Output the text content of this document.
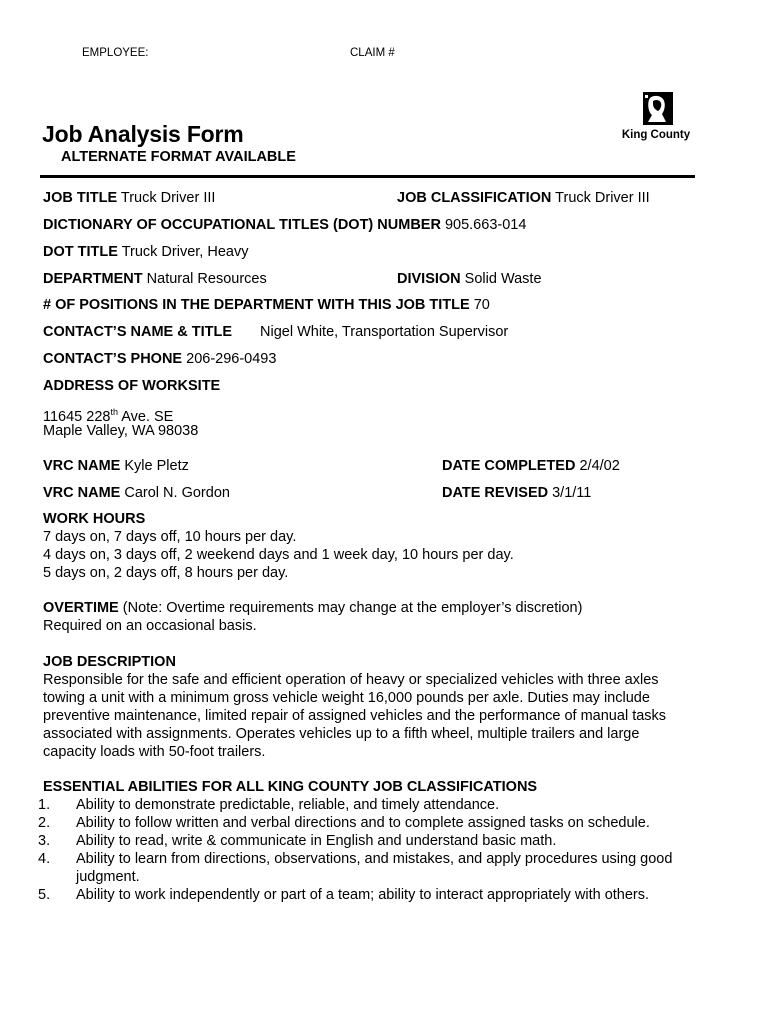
EMPLOYEE:	CLAIM #
King County
Job Analysis Form
ALTERNATE FORMAT AVAILABLE
JOB TITLE Truck Driver III	JOB CLASSIFICATION Truck Driver III
DICTIONARY OF OCCUPATIONAL TITLES (DOT) NUMBER 905.663-014
DOT TITLE Truck Driver, Heavy
DEPARTMENT Natural Resources	DIVISION Solid Waste
# OF POSITIONS IN THE DEPARTMENT WITH THIS JOB TITLE 70
CONTACT’S NAME & TITLE Nigel White, Transportation Supervisor
CONTACT’S PHONE 206-296-0493
ADDRESS OF WORKSITE
11645 228th Ave. SE
Maple Valley, WA 98038
VRC NAME Kyle Pletz	DATE COMPLETED 2/4/02
VRC NAME Carol N. Gordon	DATE REVISED 3/1/11
WORK HOURS
7 days on, 7 days off, 10 hours per day.
4 days on, 3 days off, 2 weekend days and 1 week day, 10 hours per day.
5 days on, 2 days off, 8 hours per day.
OVERTIME (Note: Overtime requirements may change at the employer’s discretion)
Required on an occasional basis.
JOB DESCRIPTION
Responsible for the safe and efficient operation of heavy or specialized vehicles with three axles
towing a unit with a minimum gross vehicle weight 16,000 pounds per axle. Duties may include
preventive maintenance, limited repair of assigned vehicles and the performance of manual tasks
associated with assignments. Operates vehicles up to a fifth wheel, multiple trailers and large
capacity loads with 50-foot trailers.
ESSENTIAL ABILITIES FOR ALL KING COUNTY JOB CLASSIFICATIONS
1. Ability to demonstrate predictable, reliable, and timely attendance.
2. Ability to follow written and verbal directions and to complete assigned tasks on schedule.
3. Ability to read, write & communicate in English and understand basic math.
4. Ability to learn from directions, observations, and mistakes, and apply procedures using good
judgment.
5. Ability to work independently or part of a team; ability to interact appropriately with others.
